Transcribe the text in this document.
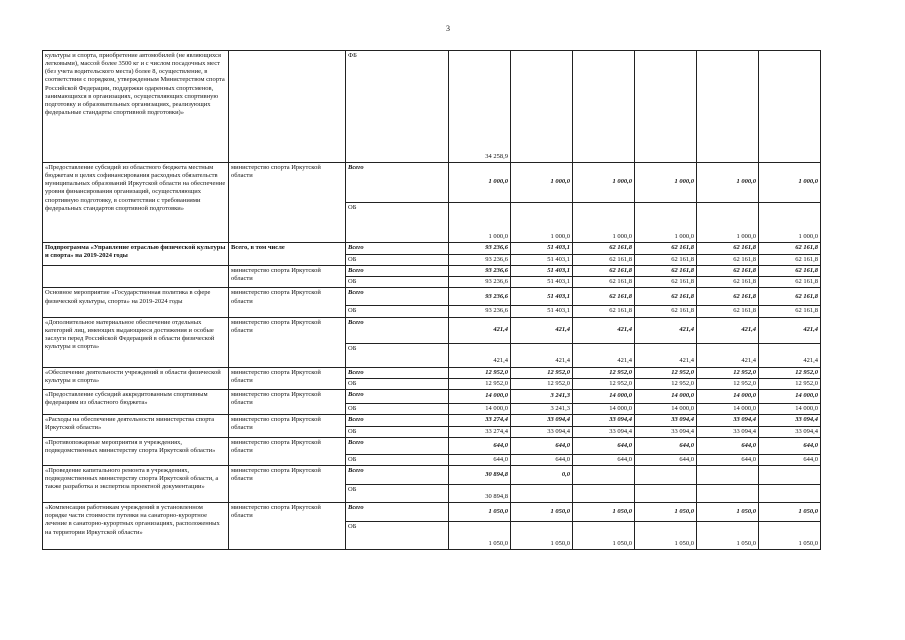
3
культуры и спорта, приобретение автомобилей (не являющихся легковыми), массой более 3500 кг и с числом посадочных мест (без учета водительского места) более 8, осуществление, в соответствии с порядком, утвержденным Министерством спорта Российской Федерации, поддержки одаренных спортсменов, занимающихся в организациях, осуществляющих спортивную подготовку и образовательных организациях, реализующих федеральные стандарты спортивной подготовки)»		ФБ	34 258,9					
«Предоставление субсидий из областного бюджета местным бюджетам в целях софинансирования расходных обязательств муниципальных образований Иркутской области на обеспечение уровня финансирования организаций, осуществляющих спортивную подготовку, в соответствии с требованиями федеральных стандартов спортивной подготовки»	министерство спорта Иркутской области	Всего	1 000,0	1 000,0	1 000,0	1 000,0	1 000,0	1 000,0
		ОБ	1 000,0	1 000,0	1 000,0	1 000,0	1 000,0	1 000,0
Подпрограмма «Управление отраслью физической культуры и спорта» на 2019-2024 годы	Всего, в том числе	Всего	93 236,6	51 403,1	62 161,8	62 161,8	62 161,8	62 161,8
		ОБ	93 236,6	51 403,1	62 161,8	62 161,8	62 161,8	62 161,8
	министерство спорта Иркутской области	Всего	93 236,6	51 403,1	62 161,8	62 161,8	62 161,8	62 161,8
		ОБ	93 236,6	51 403,1	62 161,8	62 161,8	62 161,8	62 161,8
Основное мероприятие «Государственная политика в сфере физической культуры, спорта» на 2019-2024 годы	министерство спорта Иркутской области	Всего	93 236,6	51 403,1	62 161,8	62 161,8	62 161,8	62 161,8
		ОБ	93 236,6	51 403,1	62 161,8	62 161,8	62 161,8	62 161,8
«Дополнительное материальное обеспечение отдельных категорий лиц, имеющих выдающиеся достижения и особые заслуги перед Российской Федерацией в области физической культуры и спорта»	министерство спорта Иркутской области	Всего	421,4	421,4	421,4	421,4	421,4	421,4
		ОБ	421,4	421,4	421,4	421,4	421,4	421,4
«Обеспечение деятельности учреждений в области физической культуры и спорта»	министерство спорта Иркутской области	Всего	12 952,0	12 952,0	12 952,0	12 952,0	12 952,0	12 952,0
		ОБ	12 952,0	12 952,0	12 952,0	12 952,0	12 952,0	12 952,0
«Предоставление субсидий аккредитованным спортивным федерациям из областного бюджета»	министерство спорта Иркутской области	Всего	14 000,0	3 241,3	14 000,0	14 000,0	14 000,0	14 000,0
		ОБ	14 000,0	3 241,3	14 000,0	14 000,0	14 000,0	14 000,0
«Расходы на обеспечение деятельности министерства спорта Иркутской области»	министерство спорта Иркутской области	Всего	33 274,4	33 094,4	33 094,4	33 094,4	33 094,4	33 094,4
		ОБ	33 274,4	33 094,4	33 094,4	33 094,4	33 094,4	33 094,4
«Противопожарные мероприятия в учреждениях, подведомственных министерству спорта Иркутской области»	министерство спорта Иркутской области	Всего	644,0	644,0	644,0	644,0	644,0	644,0
		ОБ	644,0	644,0	644,0	644,0	644,0	644,0
«Проведение капитального ремонта в учреждениях, подведомственных министерству спорта Иркутской области, а также разработка и экспертиза проектной документации»	министерство спорта Иркутской области	Всего	30 894,8	0,0				
		ОБ	30 894,8					
«Компенсация работникам учреждений в установленном порядке части стоимости путевки на санаторно-курортное лечение в санаторно-курортных организациях, расположенных на территории Иркутской области»	министерство спорта Иркутской области	Всего	1 050,0	1 050,0	1 050,0	1 050,0	1 050,0	1 050,0
		ОБ	1 050,0	1 050,0	1 050,0	1 050,0	1 050,0	1 050,0
